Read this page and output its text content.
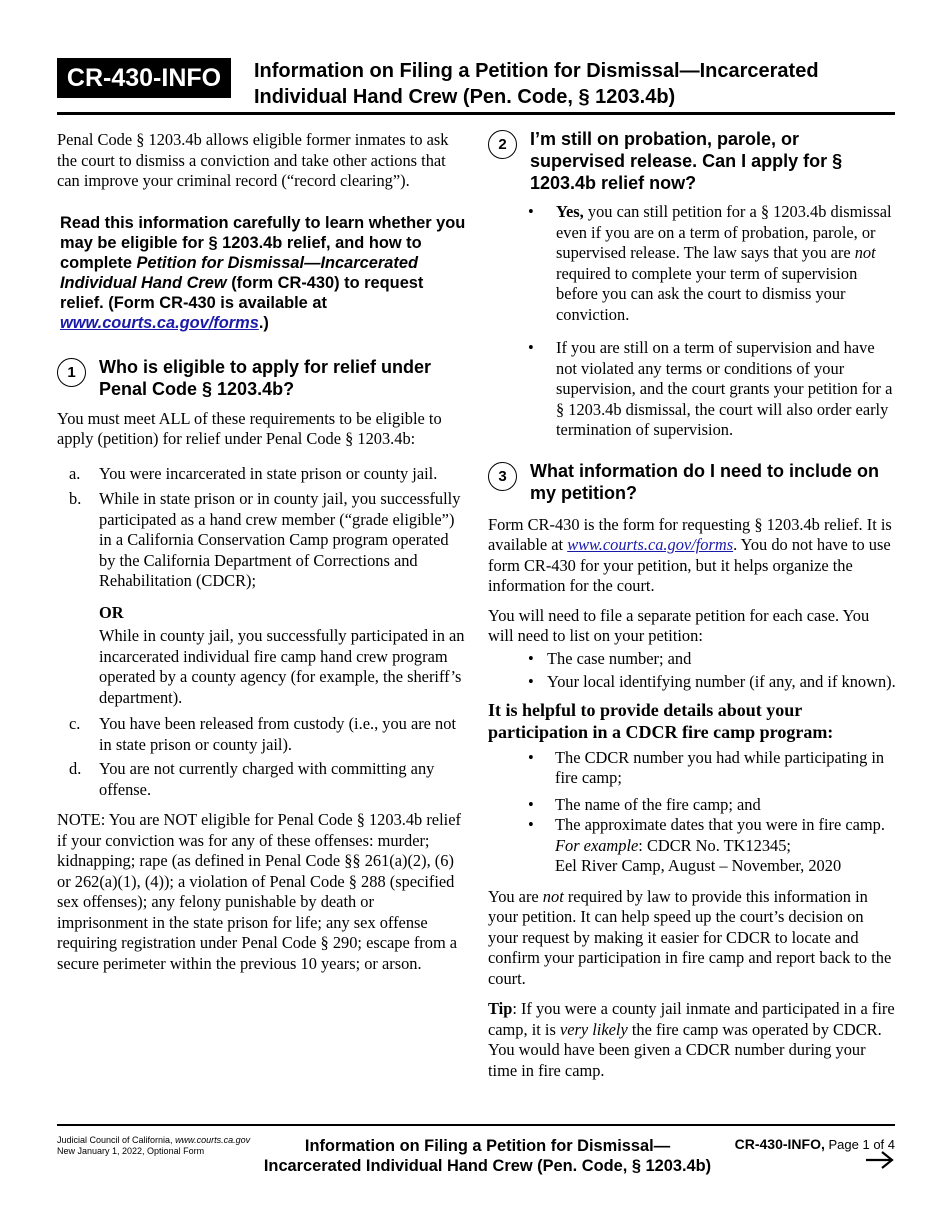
CR-430-INFO	Information on Filing a Petition for Dismissal—Incarcerated
Individual Hand Crew (Pen. Code, § 1203.4b)

Penal Code § 1203.4b allows eligible former inmates to ask the court to dismiss a conviction and take other actions that can improve your criminal record (“record clearing”).

Read this information carefully to learn whether you may be eligible for § 1203.4b relief, and how to complete Petition for Dismissal—Incarcerated Individual Hand Crew (form CR-430) to request relief. (Form CR-430 is available at www.courts.ca.gov/forms.)

1	Who is eligible to apply for relief under Penal Code § 1203.4b?

You must meet ALL of these requirements to be eligible to apply (petition) for relief under Penal Code § 1203.4b:

a. You were incarcerated in state prison or county jail.
b. While in state prison or in county jail, you successfully participated as a hand crew member (“grade eligible”) in a California Conservation Camp program operated by the California Department of Corrections and Rehabilitation (CDCR);
OR
While in county jail, you successfully participated in an incarcerated individual fire camp hand crew program operated by a county agency (for example, the sheriff’s department).
c. You have been released from custody (i.e., you are not in state prison or county jail).
d. You are not currently charged with committing any offense.

NOTE: You are NOT eligible for Penal Code § 1203.4b relief if your conviction was for any of these offenses: murder; kidnapping; rape (as defined in Penal Code §§ 261(a)(2), (6) or 262(a)(1), (4)); a violation of Penal Code § 288 (specified sex offenses); any felony punishable by death or imprisonment in the state prison for life; any sex offense requiring registration under Penal Code § 290; escape from a secure perimeter within the previous 10 years; or arson.

2	I’m still on probation, parole, or supervised release. Can I apply for § 1203.4b relief now?
• Yes, you can still petition for a § 1203.4b dismissal even if you are on a term of probation, parole, or supervised release. The law says that you are not required to complete your term of supervision before you can ask the court to dismiss your conviction.
• If you are still on a term of supervision and have not violated any terms or conditions of your supervision, and the court grants your petition for a § 1203.4b dismissal, the court will also order early termination of supervision.
3	What information do I need to include on my petition?

Form CR-430 is the form for requesting § 1203.4b relief. It is available at www.courts.ca.gov/forms. You do not have to use form CR-430 for your petition, but it helps organize the information for the court.

You will need to file a separate petition for each case. You will need to list on your petition:

• The case number; and
• Your local identifying number (if any, and if known).

It is helpful to provide details about your participation in a CDCR fire camp program:

• The CDCR number you had while participating in fire camp;
• The name of the fire camp; and
• The approximate dates that you were in fire camp.
For example: CDCR No. TK12345;
Eel River Camp, August – November, 2020

You are not required by law to provide this information in your petition. It can help speed up the court’s decision on your request by making it easier for CDCR to locate and confirm your participation in fire camp and report back to the court.

Tip: If you were a county jail inmate and participated in a fire camp, it is very likely the fire camp was operated by CDCR. You would have been given a CDCR number during your time in fire camp.

Judicial Council of California, www.courts.ca.gov
New January 1, 2022, Optional Form	Information on Filing a Petition for Dismissal—
Incarcerated Individual Hand Crew (Pen. Code, § 1203.4b)
CR-430-INFO, Page 1 of 4
